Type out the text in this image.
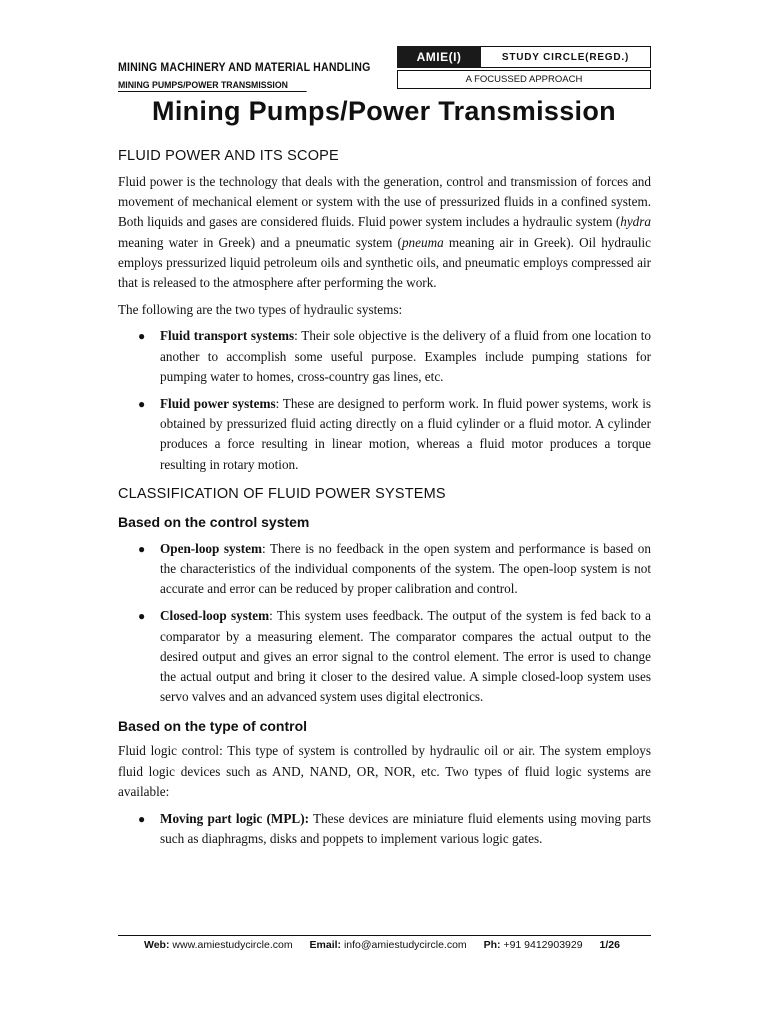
MINING MACHINERY AND MATERIAL HANDLING
MINING PUMPS/POWER TRANSMISSION
AMIE(I)	STUDY CIRCLE(REGD.)
A FOCUSSED APPROACH
Mining Pumps/Power Transmission
FLUID POWER AND ITS SCOPE

Fluid power is the technology that deals with the generation, control and transmission of forces and movement of mechanical element or system with the use of pressurized fluids in a confined system. Both liquids and gases are considered fluids. Fluid power system includes a hydraulic system (hydra meaning water in Greek) and a pneumatic system (pneuma meaning air in Greek). Oil hydraulic employs pressurized liquid petroleum oils and synthetic oils, and pneumatic employs compressed air that is released to the atmosphere after performing the work.

The following are the two types of hydraulic systems:

● Fluid transport systems: Their sole objective is the delivery of a fluid from one location to another to accomplish some useful purpose. Examples include pumping stations for pumping water to homes, cross-country gas lines, etc.
● Fluid power systems: These are designed to perform work. In fluid power systems, work is obtained by pressurized fluid acting directly on a fluid cylinder or a fluid motor. A cylinder produces a force resulting in linear motion, whereas a fluid motor produces a torque resulting in rotary motion.
CLASSIFICATION OF FLUID POWER SYSTEMS
Based on the control system
● Open-loop system: There is no feedback in the open system and performance is based on the characteristics of the individual components of the system. The open-loop system is not accurate and error can be reduced by proper calibration and control.
● Closed-loop system: This system uses feedback. The output of the system is fed back to a comparator by a measuring element. The comparator compares the actual output to the desired output and gives an error signal to the control element. The error is used to change the actual output and bring it closer to the desired value. A simple closed-loop system uses servo valves and an advanced system uses digital electronics.
Based on the type of control

Fluid logic control: This type of system is controlled by hydraulic oil or air. The system employs fluid logic devices such as AND, NAND, OR, NOR, etc. Two types of fluid logic systems are available:

● Moving part logic (MPL): These devices are miniature fluid elements using moving parts such as diaphragms, disks and poppets to implement various logic gates.
Web: www.amiestudycircle.com Email: info@amiestudycircle.com Ph: +91 9412903929 1/26
